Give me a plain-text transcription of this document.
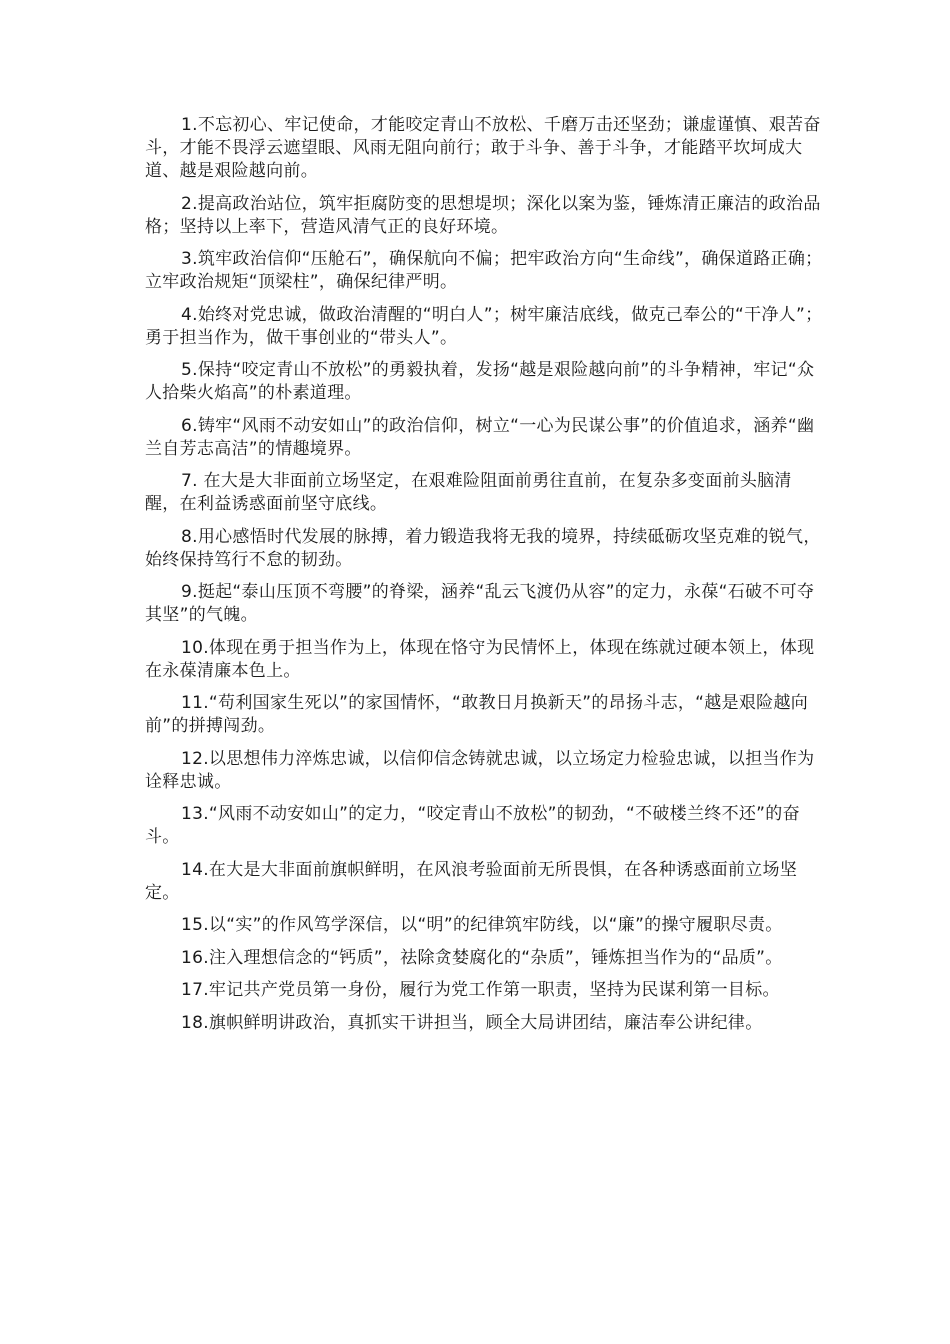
1.不忘初心、牢记使命，才能咬定青山不放松、千磨万击还坚劲；谦虚谨慎、艰苦奋斗，才能不畏浮云遮望眼、风雨无阻向前行；敢于斗争、善于斗争，才能踏平坎坷成大道、越是艰险越向前。

2.提高政治站位，筑牢拒腐防变的思想堤坝；深化以案为鉴，锤炼清正廉洁的政治品格；坚持以上率下，营造风清气正的良好环境。

3.筑牢政治信仰“压舱石”，确保航向不偏；把牢政治方向“生命线”，确保道路正确；立牢政治规矩“顶梁柱”，确保纪律严明。

4.始终对党忠诚，做政治清醒的“明白人”；树牢廉洁底线，做克己奉公的“干净人”；勇于担当作为，做干事创业的“带头人”。

5.保持“咬定青山不放松”的勇毅执着，发扬“越是艰险越向前”的斗争精神，牢记“众人拾柴火焰高”的朴素道理。

6.铸牢“风雨不动安如山”的政治信仰，树立“一心为民谋公事”的价值追求，涵养“幽兰自芳志高洁”的情趣境界。

7. 在大是大非面前立场坚定，在艰难险阻面前勇往直前，在复杂多变面前头脑清醒，在利益诱惑面前坚守底线。

8.用心感悟时代发展的脉搏，着力锻造我将无我的境界，持续砥砺攻坚克难的锐气，始终保持笃行不怠的韧劲。

9.挺起“泰山压顶不弯腰”的脊梁，涵养“乱云飞渡仍从容”的定力，永葆“石破不可夺其坚”的气魄。

10.体现在勇于担当作为上，体现在恪守为民情怀上，体现在练就过硬本领上，体现在永葆清廉本色上。

11.“苟利国家生死以”的家国情怀，“敢教日月换新天”的昂扬斗志，“越是艰险越向前”的拼搏闯劲。

12.以思想伟力淬炼忠诚，以信仰信念铸就忠诚，以立场定力检验忠诚，以担当作为诠释忠诚。

13.“风雨不动安如山”的定力，“咬定青山不放松”的韧劲，“不破楼兰终不还”的奋斗。

14.在大是大非面前旗帜鲜明，在风浪考验面前无所畏惧，在各种诱惑面前立场坚定。

15.以“实”的作风笃学深信，以“明”的纪律筑牢防线，以“廉”的操守履职尽责。

16.注入理想信念的“钙质”，祛除贪婪腐化的“杂质”，锤炼担当作为的“品质”。

17.牢记共产党员第一身份，履行为党工作第一职责，坚持为民谋利第一目标。

18.旗帜鲜明讲政治，真抓实干讲担当，顾全大局讲团结，廉洁奉公讲纪律。
